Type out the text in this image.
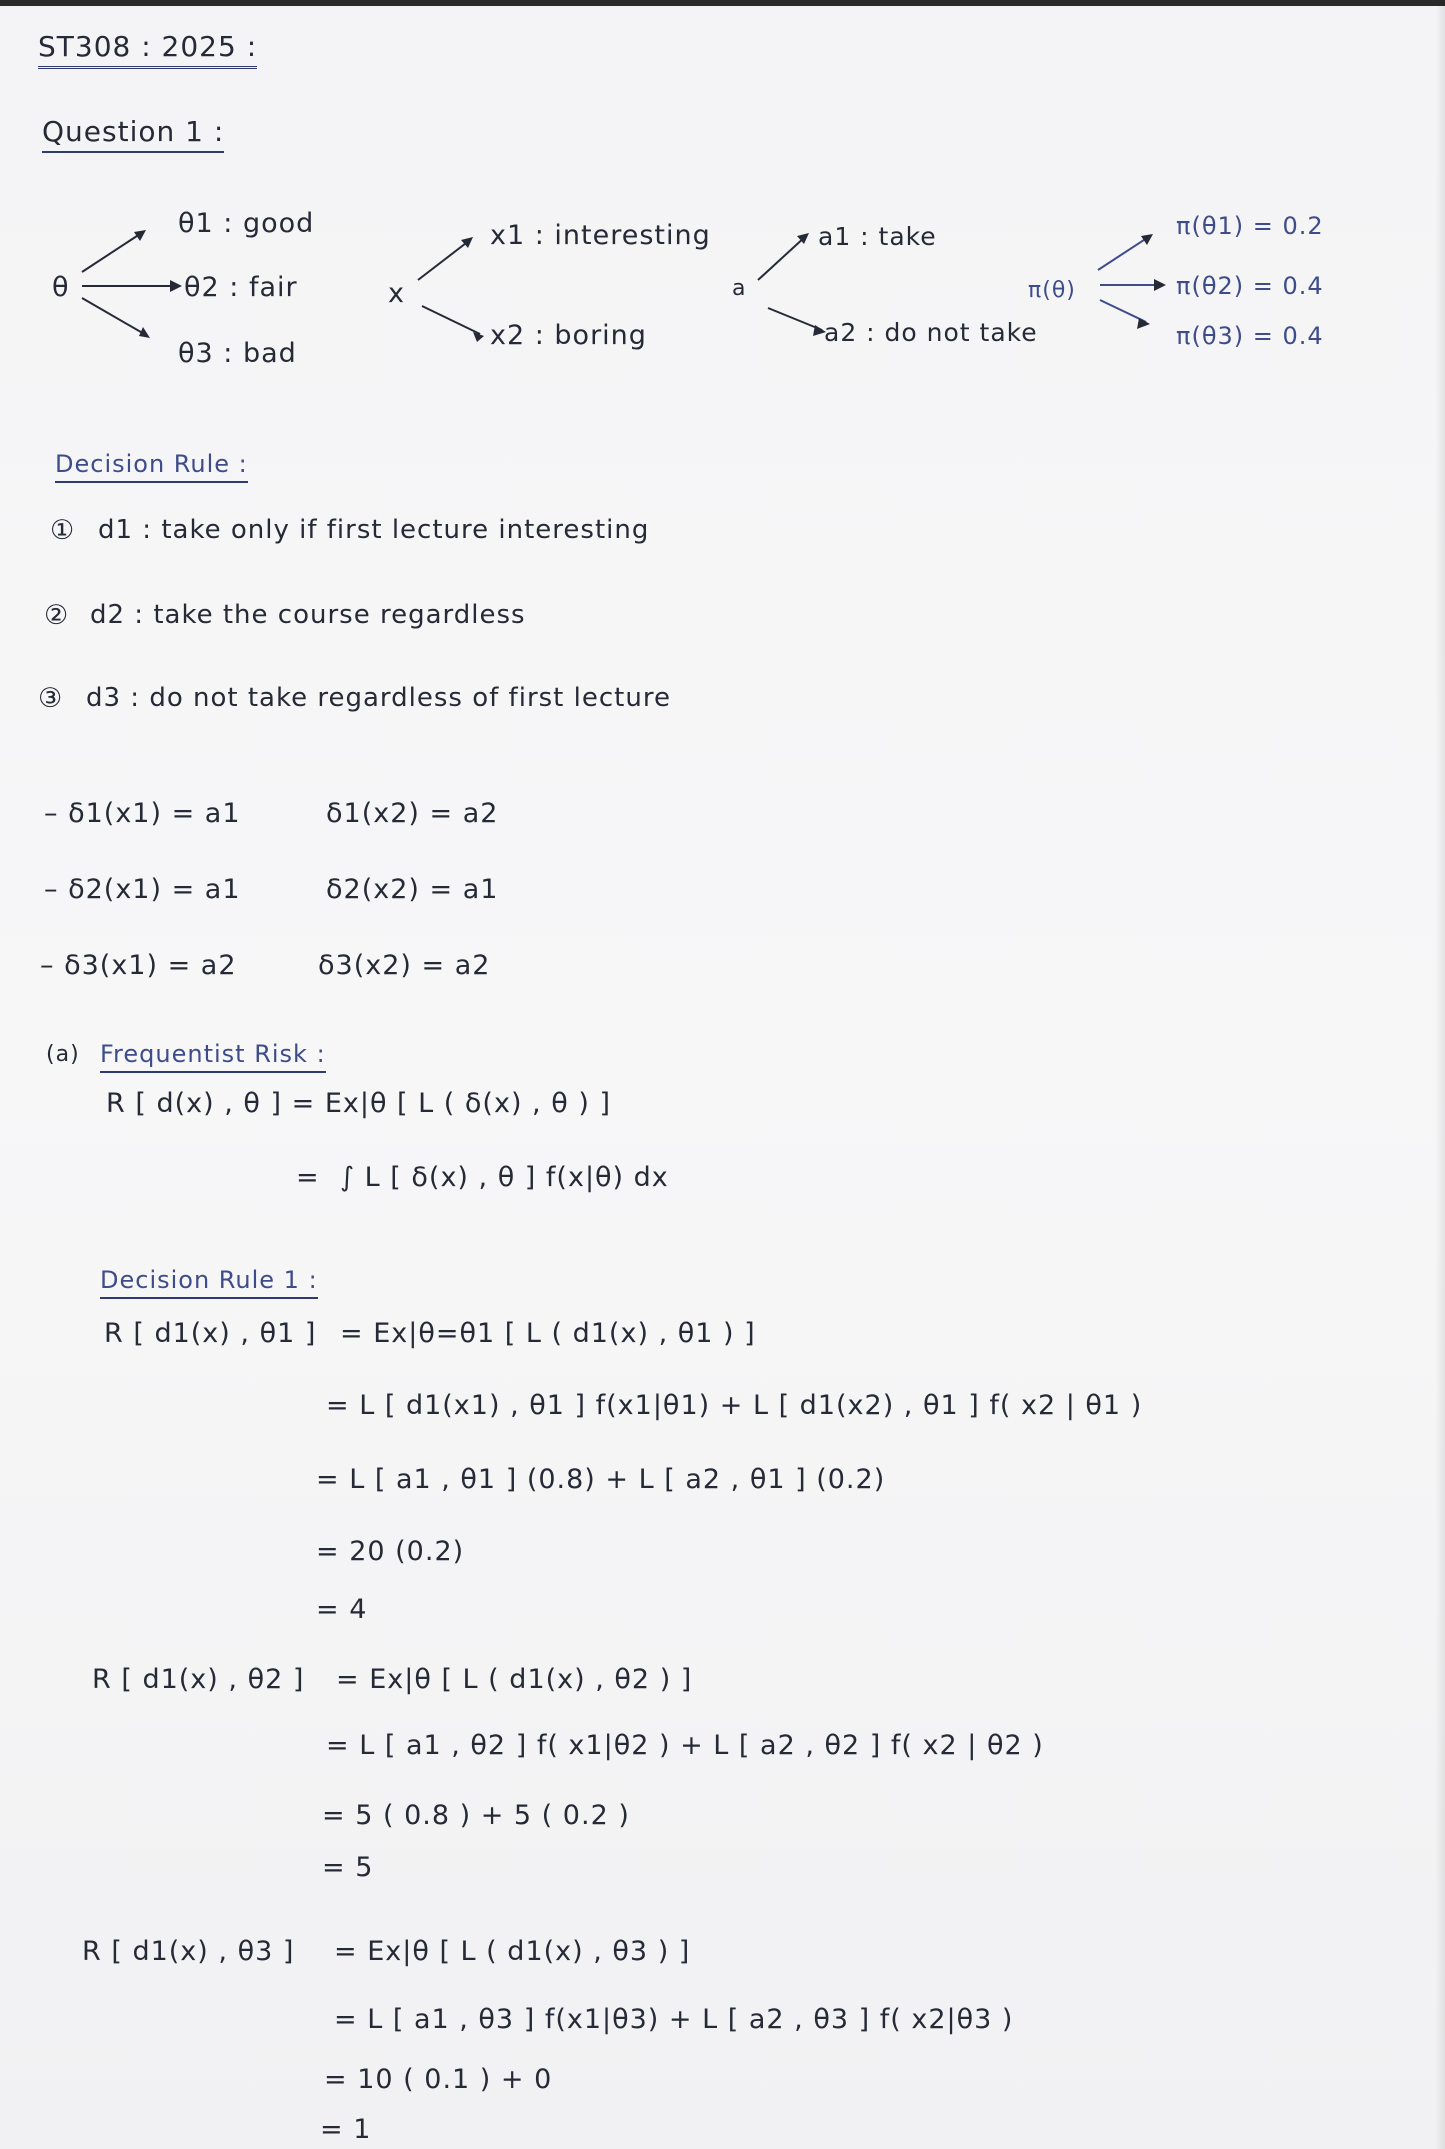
ST308 : 2025 :
Question 1 :
θ
θ1 : good
θ2 : fair
θ3 : bad
x
x1 : interesting
x2 : boring
a
a1 : take
a2 : do not take
π(θ)
π(θ1) = 0.2
π(θ2) = 0.4
π(θ3) = 0.4
Decision Rule :
① d1 : take only if first lecture interesting
② d2 : take the course regardless
③ d3 : do not take regardless of first lecture
– δ1(x1) = a1	δ1(x2) = a2
– δ2(x1) = a1	δ2(x2) = a1
– δ3(x1) = a2	δ3(x2) = a2
(a) Frequentist Risk :
R [ d(x) , θ ] = Ex|θ [ L ( δ(x) , θ ) ]
= ∫ L [ δ(x) , θ ] f(x|θ) dx
Decision Rule 1 :
R [ d1(x) , θ1 ] = Ex|θ=θ1 [ L ( d1(x) , θ1 ) ]
= L [ d1(x1) , θ1 ] f(x1|θ1) + L [ d1(x2) , θ1 ] f( x2 | θ1 )
= L [ a1 , θ1 ] (0.8) + L [ a2 , θ1 ] (0.2)
= 20 (0.2)
= 4
R [ d1(x) , θ2 ] = Ex|θ [ L ( d1(x) , θ2 ) ]
= L [ a1 , θ2 ] f( x1|θ2 ) + L [ a2 , θ2 ] f( x2 | θ2 )
= 5 ( 0.8 ) + 5 ( 0.2 )
= 5
R [ d1(x) , θ3 ] = Ex|θ [ L ( d1(x) , θ3 ) ]
= L [ a1 , θ3 ] f(x1|θ3) + L [ a2 , θ3 ] f( x2|θ3 )
= 10 ( 0.1 ) + 0
= 1
